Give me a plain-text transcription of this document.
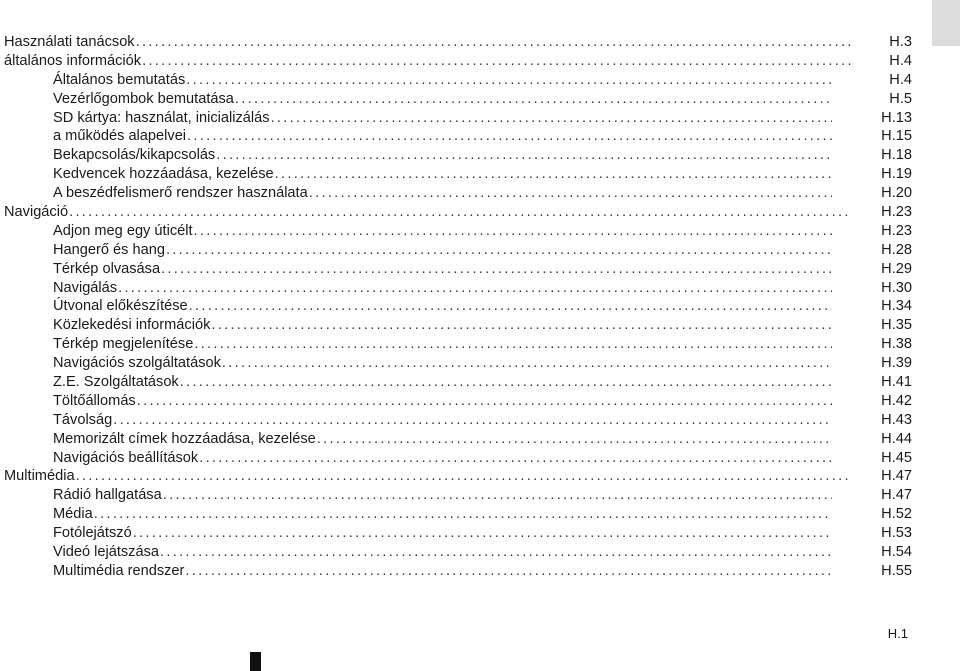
Használati tanácsok .....	H.3
általános információk .....	H.4
Általános bemutatás .....	H.4
Vezérlőgombok bemutatása .....	H.5
SD kártya: használat, inicializálás .....	H.13
a működés alapelvei .....	H.15
Bekapcsolás/kikapcsolás .....	H.18
Kedvencek hozzáadása, kezelése .....	H.19
A beszédfelismerő rendszer használata .....	H.20
Navigáció .....	H.23
Adjon meg egy úticélt .....	H.23
Hangerő és hang .....	H.28
Térkép olvasása .....	H.29
Navigálás .....	H.30
Útvonal előkészítése .....	H.34
Közlekedési információk .....	H.35
Térkép megjelenítése .....	H.38
Navigációs szolgáltatások .....	H.39
Z.E. Szolgáltatások .....	H.41
Töltőállomás .....	H.42
Távolság .....	H.43
Memorizált címek hozzáadása, kezelése .....	H.44
Navigációs beállítások .....	H.45
Multimédia .....	H.47
Rádió hallgatása .....	H.47
Média .....	H.52
Fotólejátszó .....	H.53
Videó lejátszása .....	H.54
Multimédia rendszer .....	H.55
H.1
